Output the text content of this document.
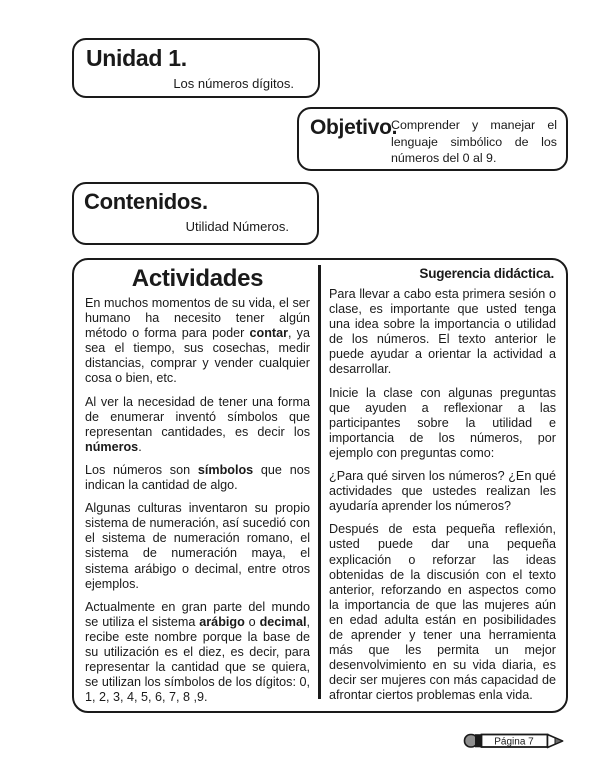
Unidad 1.
Los números dígitos.
Objetivo.
Comprender y manejar el lenguaje simbólico de los números del 0 al 9.
Contenidos.
Utilidad Números.
Actividades

En muchos momentos de su vida, el ser humano ha necesito tener algún método o forma para poder contar, ya sea el tiempo, sus cosechas, medir distancias, comprar y vender cualquier cosa o bien, etc.

Al ver la necesidad de tener una forma de enumerar inventó símbolos que representan cantidades, es decir los números.

Los números son símbolos que nos indican la cantidad de algo.

Algunas culturas inventaron su propio sistema de numeración, así sucedió con el sistema de numeración romano, el sistema de numeración maya, el sistema arábigo o decimal, entre otros ejemplos.

Actualmente en gran parte del mundo se utiliza el sistema arábigo o decimal, recibe este nombre porque la base de su utilización es el diez, es decir, para representar la cantidad que se quiera, se utilizan los símbolos de los dígitos: 0, 1, 2, 3, 4, 5, 6, 7, 8 ,9.

Sugerencia didáctica.

Para llevar a cabo esta primera sesión o clase, es importante que usted tenga una idea sobre la importancia o utilidad de los números. El texto anterior le puede ayudar a orientar la actividad a desarrollar.

Inicie la clase con algunas preguntas que ayuden a reflexionar a las participantes sobre la utilidad e importancia de los números, por ejemplo con preguntas como:

¿Para qué sirven los números? ¿En qué actividades que ustedes realizan les ayudaría aprender los números?

Después de esta pequeña reflexión, usted puede dar una pequeña explicación o reforzar las ideas obtenidas de la discusión con el texto anterior, reforzando en aspectos como la importancia de que las mujeres aún en edad adulta están en posibilidades de aprender y tener una herramienta más que les permita un mejor desenvolvimiento en su vida diaria, es decir ser mujeres con más capacidad de afrontar ciertos problemas enla vida.

Página 7
